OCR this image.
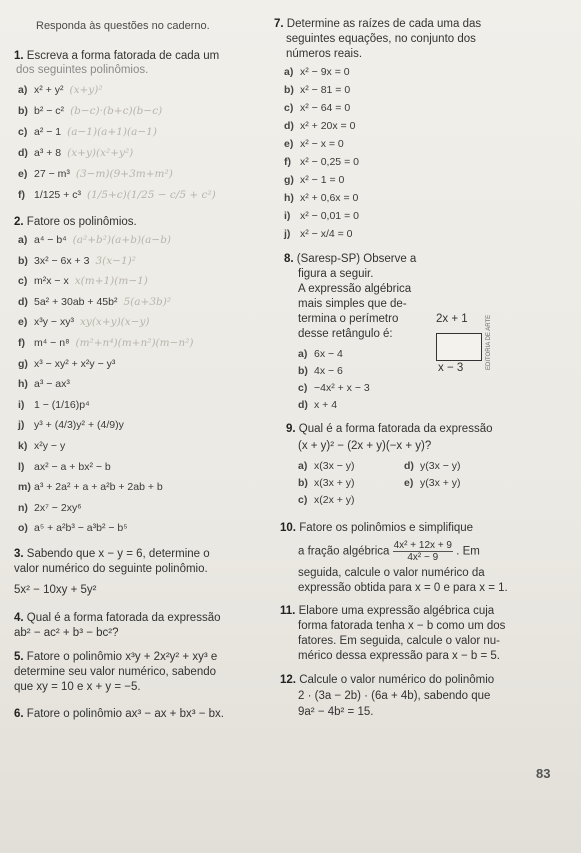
Responda às questões no caderno.
1. Escreva a forma fatorada de cada um
dos seguintes polinômios.
a) x² + y² (x+y)²
b) b² − c² (b−c)·(b+c)(b−c)
c) a² − 1 (a−1)(a+1)(a−1)
d) a³ + 8 (x+y)(x²+y²)
e) 27 − m³ (3−m)(9+3m+m²)
f) 1/125 + c³ (1/5+c)(1/25 − c/5 + c²)
2. Fatore os polinômios.
a) a⁴ − b⁴ (a²+b²)(a+b)(a−b)
b) 3x² − 6x + 3 3(x−1)²
c) m²x − x x(m+1)(m−1)
d) 5a² + 30ab + 45b² 5(a+3b)²
e) x³y − xy³ xy(x+y)(x−y)
f) m⁴ − n⁸ (m²+n⁴)(m+n²)(m−n²)
g) x³ − xy² + x²y − y³
h) a³ − ax³
i) 1 − (1/16)p⁴
j) y³ + (4/3)y² + (4/9)y
k) x²y − y
l) ax² − a + bx² − b
m) a³ + 2a² + a + a²b + 2ab + b
n) 2x⁷ − 2xy⁶
o) a⁵ + a²b³ − a³b² − b⁵
3. Sabendo que x − y = 6, determine o
valor numérico do seguinte polinômio.
5x² − 10xy + 5y²
4. Qual é a forma fatorada da expressão
ab² − ac² + b³ − bc²?
5. Fatore o polinômio x³y + 2x²y² + xy³ e
determine seu valor numérico, sabendo
que xy = 10 e x + y = −5.
6. Fatore o polinômio ax³ − ax + bx³ − bx.
7. Determine as raízes de cada uma das
seguintes equações, no conjunto dos
números reais.
a) x² − 9x = 0
b) x² − 81 = 0
c) x² − 64 = 0
d) x² + 20x = 0
e) x² − x = 0
f) x² − 0,25 = 0
g) x² − 1 = 0
h) x² + 0,6x = 0
i) x² − 0,01 = 0
j) x² − x/4 = 0
8. (Saresp-SP) Observe a
figura a seguir.
A expressão algébrica
mais simples que de-
termina o perímetro
desse retângulo é:
2x + 1
x − 3	EDITORIA DE ARTE
a) 6x − 4
b) 4x − 6
c) −4x² + x − 3
d) x + 4
9. Qual é a forma fatorada da expressão
(x + y)² − (2x + y)(−x + y)?
a) x(3x − y)
b) x(3x + y)
c) x(2x + y)
d) y(3x − y)
e) y(3x + y)
10. Fatore os polinômios e simplifique
a fração algébrica $\frac{\text{4x² + 12x + 9}}{\text{4x² − 9}}$ . Em
seguida, calcule o valor numérico da
expressão obtida para x = 0 e para x = 1.
11. Elabore uma expressão algébrica cuja
forma fatorada tenha x − b como um dos
fatores. Em seguida, calcule o valor nu-
mérico dessa expressão para x − b = 5.
12. Calcule o valor numérico do polinômio
2 · (3a − 2b) · (6a + 4b), sabendo que
9a² − 4b² = 15.
83
